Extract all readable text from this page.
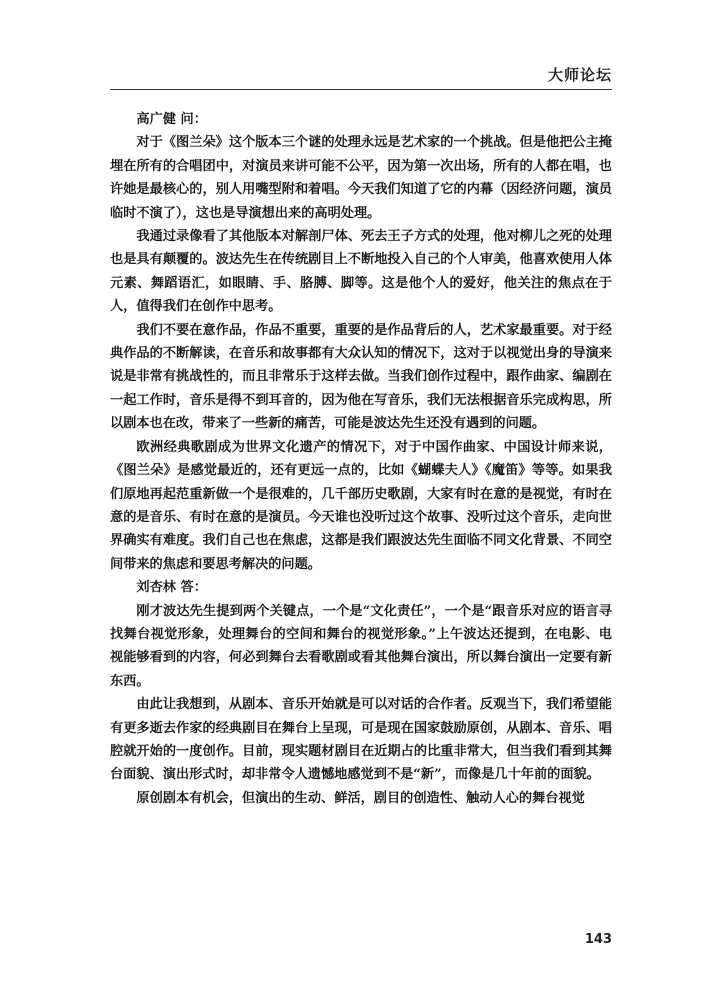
大师论坛

高广健 问：

对于《图兰朵》这个版本三个谜的处理永远是艺术家的一个挑战。但是他把公主掩埋在所有的合唱团中，对演员来讲可能不公平，因为第一次出场，所有的人都在唱，也许她是最核心的，别人用嘴型附和着唱。今天我们知道了它的内幕（因经济问题，演员临时不演了），这也是导演想出来的高明处理。

我通过录像看了其他版本对解剖尸体、死去王子方式的处理，他对柳儿之死的处理也是具有颠覆的。波达先生在传统剧目上不断地投入自己的个人审美，他喜欢使用人体元素、舞蹈语汇，如眼睛、手、胳膊、脚等。这是他个人的爱好，他关注的焦点在于人，值得我们在创作中思考。

我们不要在意作品，作品不重要，重要的是作品背后的人，艺术家最重要。对于经典作品的不断解读，在音乐和故事都有大众认知的情况下，这对于以视觉出身的导演来说是非常有挑战性的，而且非常乐于这样去做。当我们创作过程中，跟作曲家、编剧在一起工作时，音乐是得不到耳音的，因为他在写音乐，我们无法根据音乐完成构思，所以剧本也在改，带来了一些新的痛苦，可能是波达先生还没有遇到的问题。

欧洲经典歌剧成为世界文化遗产的情况下，对于中国作曲家、中国设计师来说，《图兰朵》是感觉最近的，还有更远一点的，比如《蝴蝶夫人》《魔笛》等等。如果我们原地再起范重新做一个是很难的，几千部历史歌剧，大家有时在意的是视觉，有时在意的是音乐、有时在意的是演员。今天谁也没听过这个故事、没听过这个音乐，走向世界确实有难度。我们自己也在焦虑，这都是我们跟波达先生面临不同文化背景、不同空间带来的焦虑和要思考解决的问题。

刘杏林 答：

刚才波达先生提到两个关键点，一个是“文化责任”，一个是“跟音乐对应的语言寻找舞台视觉形象，处理舞台的空间和舞台的视觉形象。”上午波达还提到，在电影、电视能够看到的内容，何必到舞台去看歌剧或看其他舞台演出，所以舞台演出一定要有新东西。

由此让我想到，从剧本、音乐开始就是可以对话的合作者。反观当下，我们希望能有更多逝去作家的经典剧目在舞台上呈现，可是现在国家鼓励原创，从剧本、音乐、唱腔就开始的一度创作。目前，现实题材剧目在近期占的比重非常大，但当我们看到其舞台面貌、演出形式时，却非常令人遗憾地感觉到不是“新”，而像是几十年前的面貌。

原创剧本有机会，但演出的生动、鲜活，剧目的创造性、触动人心的舞台视觉

143
